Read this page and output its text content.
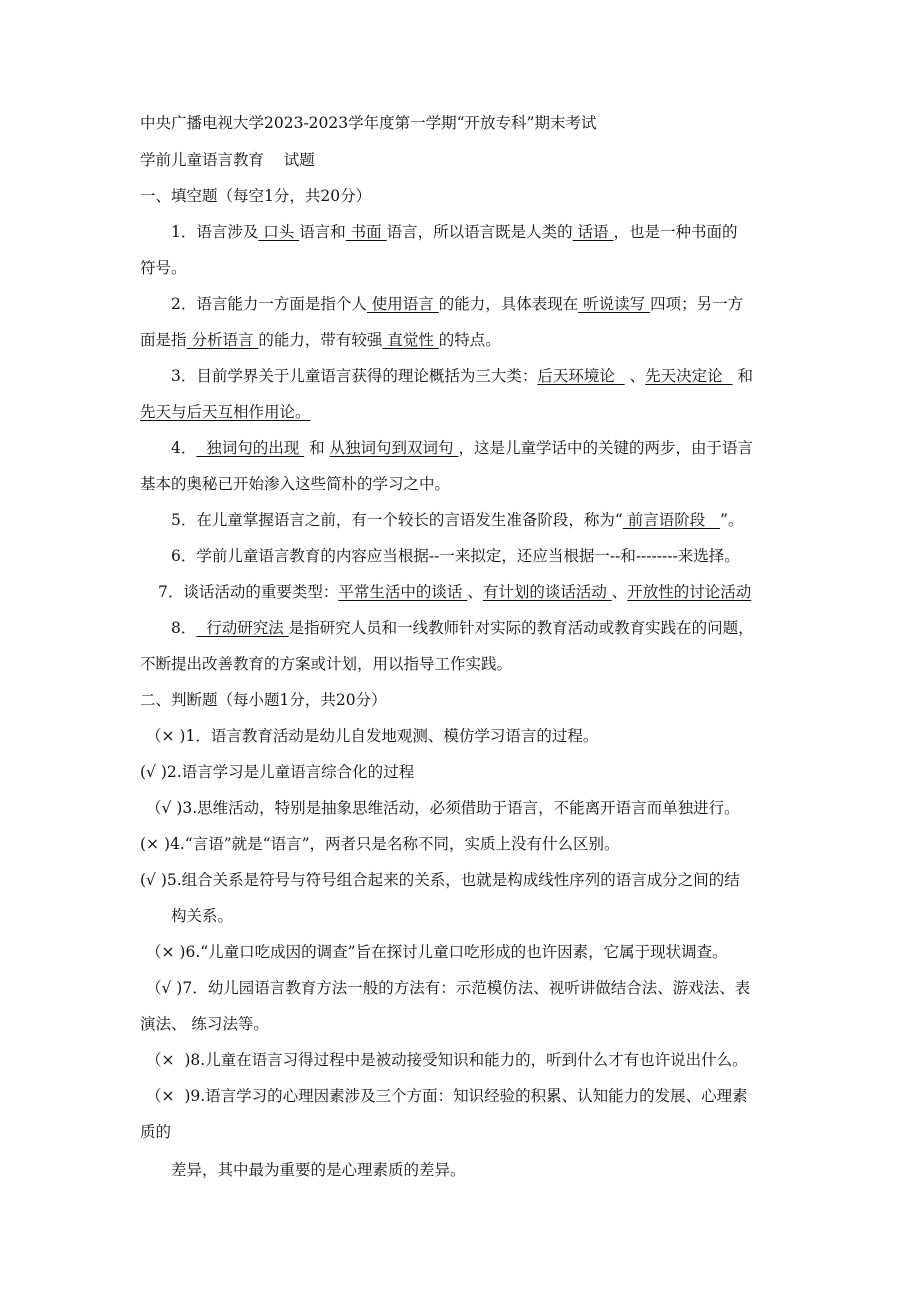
中央广播电视大学2023-2023学年度第一学期“开放专科”期末考试
学前儿童语言教育    试题
一、填空题（每空1分，共20分）
1．语言涉及 口头 语言和 书面 语言，所以语言既是人类的 话语 ，也是一种书面的
符号。
2．语言能力一方面是指个人 使用语言 的能力，具体表现在 听说读写 四项；另一方
面是指 分析语言 的能力，带有较强 直觉性 的特点。
3．目前学界关于儿童语言获得的理论概括为三大类：后天环境论   、先天决定论   和
先天与后天互相作用论。
4．  独词句的出现  和 从独词句到双词句 ，这是儿童学话中的关键的两步，由于语言
基本的奥秘已开始渗入这些简朴的学习之中。
5．在儿童掌握语言之前，有一个较长的言语发生准备阶段，称为“ 前言语阶段   ”。
6．学前儿童语言教育的内容应当根据--一来拟定，还应当根据一--和--------来选择。
7．谈话活动的重要类型：平常生活中的谈话 、有计划的谈话活动 、开放性的讨论活动
8．  行动研究法 是指研究人员和一线教师针对实际的教育活动或教育实践在的问题，
不断提出改善教育的方案或计划，用以指导工作实践。
二、判断题（每小题1分，共20分）
（× )1．语言教育活动是幼儿自发地观测、模仿学习语言的过程。
(√ )2.语言学习是儿童语言综合化的过程
（√ )3.思维活动，特别是抽象思维活动，必须借助于语言，不能离开语言而单独进行。
(× )4.“言语”就是“语言”，两者只是名称不同，实质上没有什么区别。
(√ )5.组合关系是符号与符号组合起来的关系，也就是构成线性序列的语言成分之间的结
构关系。
（× )6.“儿童口吃成因的调查”旨在探讨儿童口吃形成的也许因素，它属于现状调查。
（√ )7．幼儿园语言教育方法一般的方法有：示范模仿法、视听讲做结合法、游戏法、表
演法、 练习法等。
（×  )8.儿童在语言习得过程中是被动接受知识和能力的，听到什么才有也许说出什么。
（×  )9.语言学习的心理因素涉及三个方面：知识经验的积累、认知能力的发展、心理素
质的
差异，其中最为重要的是心理素质的差异。
